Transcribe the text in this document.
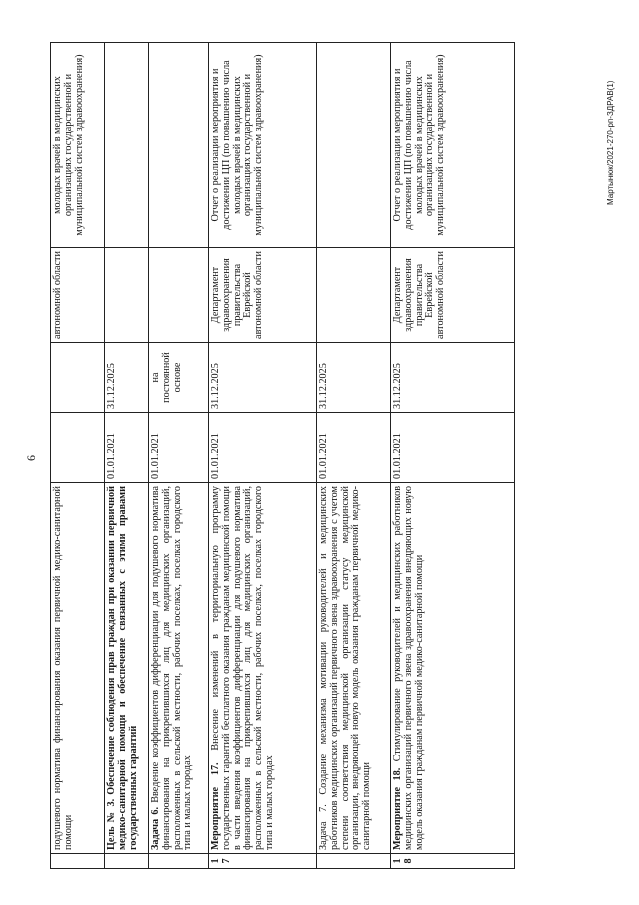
6
	подушевого норматива финансирования оказания первичной медико-санитарной помощи			автономной области	молодых врачей в медицинских организациях государственной и муниципальной систем здравоохранения)
	Цель № 3. Обеспечение соблюдения прав граждан при оказании первичной медико-санитарной помощи и обеспечение связанных с этими правами государственных гарантий	01.01.2021	31.12.2025		
	Задача 6. Введение коэффициентов дифференциации для подушевого норматива финансирования на прикрепившихся лиц для медицинских организаций, расположенных в сельской местности, рабочих поселках, поселках городского типа и малых городах	01.01.2021	на постоянной основе		
17	Мероприятие 17. Внесение изменений в территориальную программу государственных гарантий бесплатного оказания гражданам медицинской помощи в части введения коэффициентов дифференциации для подушевого норматива финансирования на прикрепившихся лиц для медицинских организаций, расположенных в сельской местности, рабочих поселках, поселках городского типа и малых городах	01.01.2021	31.12.2025	Департамент здравоохранения правительства Еврейской автономной области	Отчет о реализации мероприятия и достижении ЦП (по повышению числа молодых врачей в медицинских организациях государственной и муниципальной систем здравоохранения)
	Задача 7. Создание механизма мотивации руководителей и медицинских работников медицинских организаций первичного звена здравоохранения с учетом степени соответствия медицинской организации статусу медицинской организации, внедряющей новую модель оказания гражданам первичной медико-санитарной помощи	01.01.2021	31.12.2025		
18	Мероприятие 18. Стимулирование руководителей и медицинских работников медицинских организаций первичного звена здравоохранения внедряющих новую модель оказания гражданам первичной медико-санитарной помощи	01.01.2021	31.12.2025	Департамент здравоохранения правительства Еврейской автономной области	Отчет о реализации мероприятия и достижении ЦП (по повышению числа молодых врачей в медицинских организациях государственной и муниципальной систем здравоохранения)	Мартынюк/2021-270-рп-ЗДРАВ(1)
